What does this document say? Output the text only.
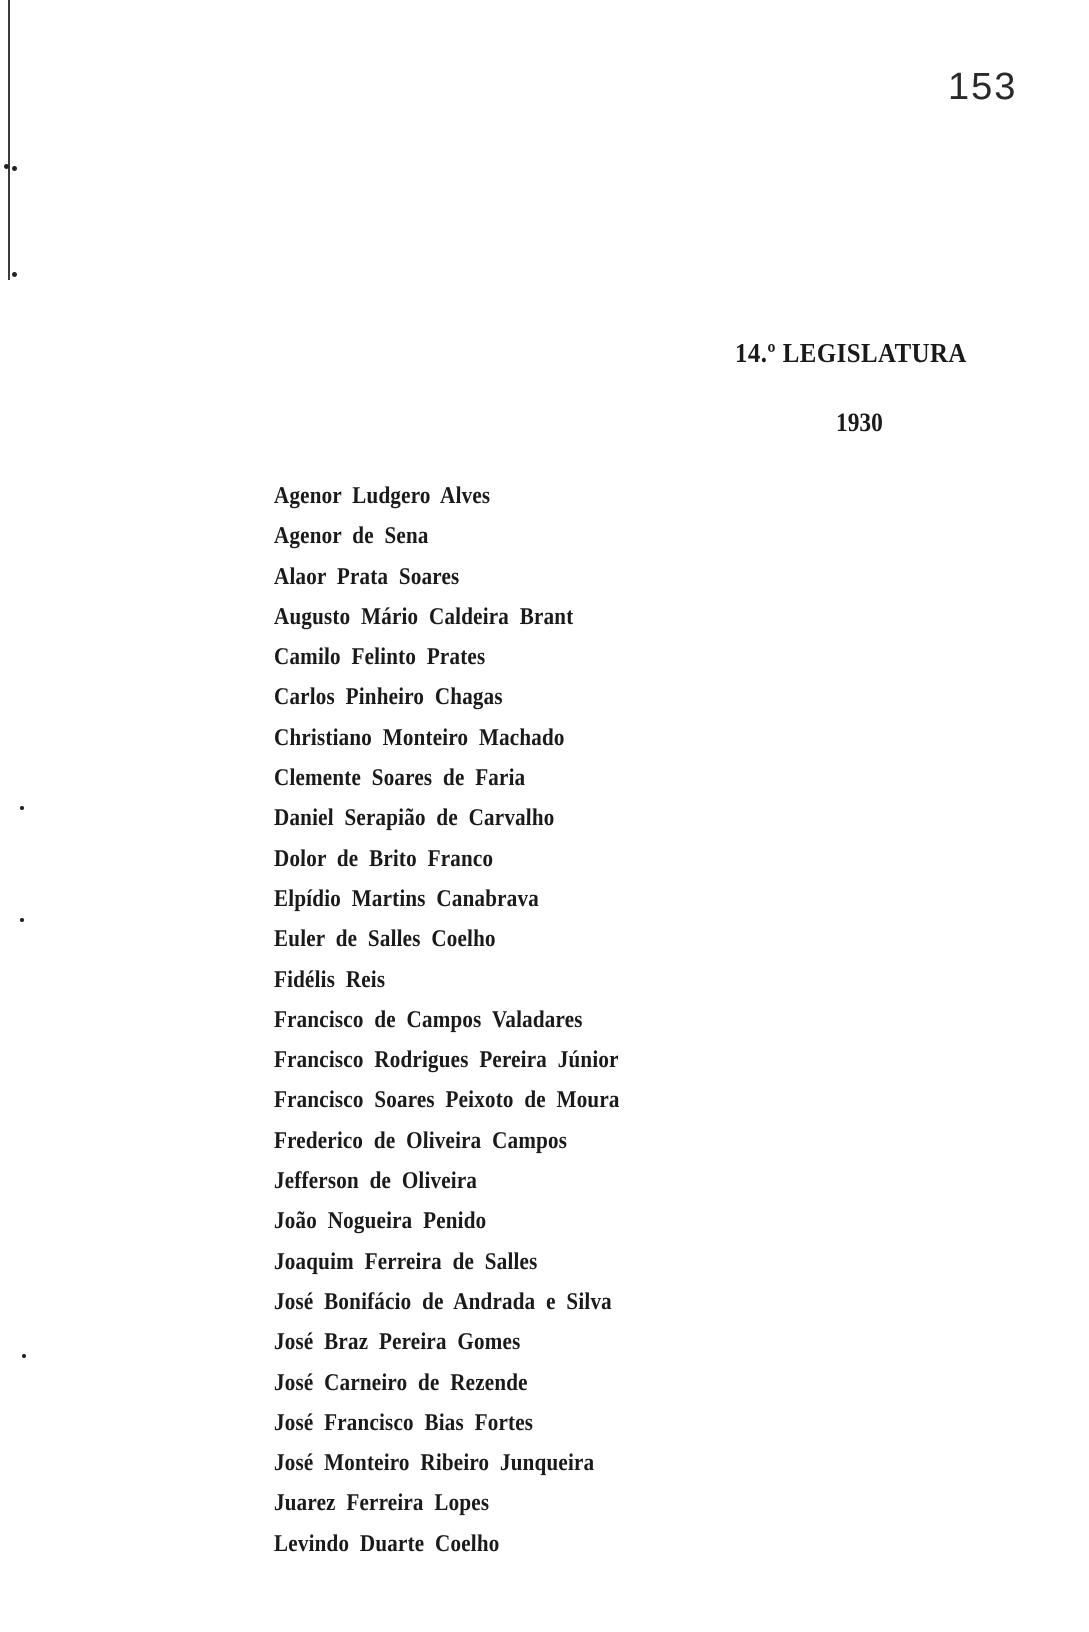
153
14.º LEGISLATURA
1930
Agenor Ludgero Alves
Agenor de Sena
Alaor Prata Soares
Augusto Mário Caldeira Brant
Camilo Felinto Prates
Carlos Pinheiro Chagas
Christiano Monteiro Machado
Clemente Soares de Faria
Daniel Serapião de Carvalho
Dolor de Brito Franco
Elpídio Martins Canabrava
Euler de Salles Coelho
Fidélis Reis
Francisco de Campos Valadares
Francisco Rodrigues Pereira Júnior
Francisco Soares Peixoto de Moura
Frederico de Oliveira Campos
Jefferson de Oliveira
João Nogueira Penido
Joaquim Ferreira de Salles
José Bonifácio de Andrada e Silva
José Braz Pereira Gomes
José Carneiro de Rezende
José Francisco Bias Fortes
José Monteiro Ribeiro Junqueira
Juarez Ferreira Lopes
Levindo Duarte Coelho
